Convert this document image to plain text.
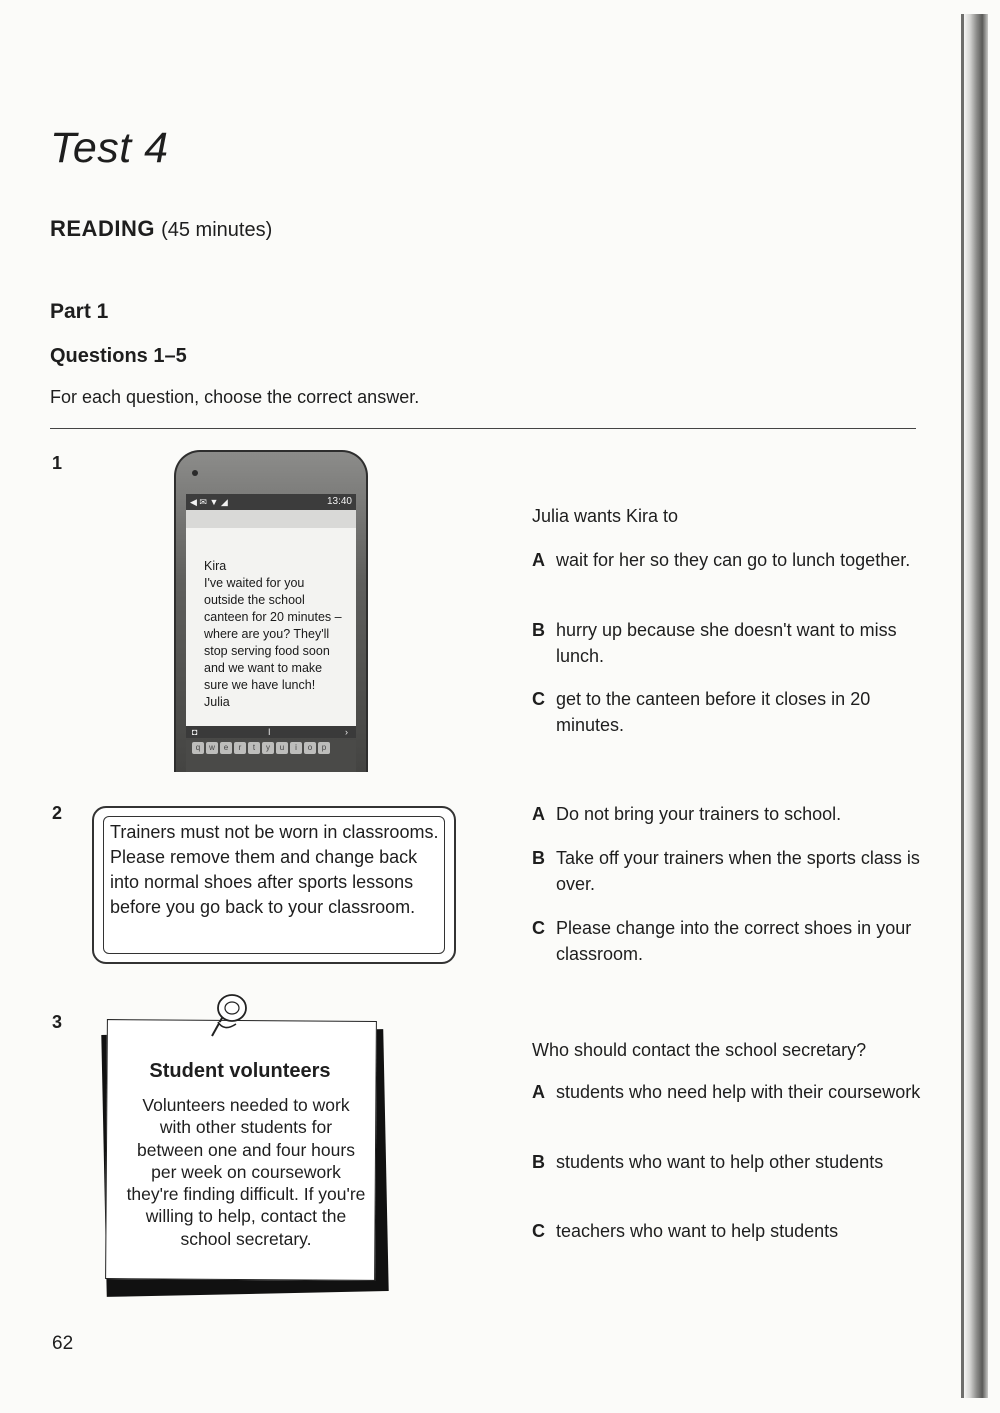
Test 4
READING (45 minutes)
Part 1
Questions 1–5
For each question, choose the correct answer.
1
◀ ✉ ▼ ◢	13:40

Kira
I've waited for you outside the school canteen for 20 minutes – where are you? They'll stop serving food soon and we want to make sure we have lunch!
Julia

◘	I	›
q	w	e	r	t	y	u	i	o	p
Julia wants Kira to
A wait for her so they can go to lunch together.
B hurry up because she doesn't want to miss lunch.
C get to the canteen before it closes in 20 minutes.
2

Trainers must not be worn in classrooms. Please remove them and change back into normal shoes after sports lessons before you go back to your classroom.

A Do not bring your trainers to school.
B Take off your trainers when the sports class is over.
C Please change into the correct shoes in your classroom.
3
Student volunteers

Volunteers needed to work with other students for between one and four hours per week on coursework they're finding difficult. If you're willing to help, contact the school secretary.

Who should contact the school secretary?
A students who need help with their coursework
B students who want to help other students
C teachers who want to help students
62
